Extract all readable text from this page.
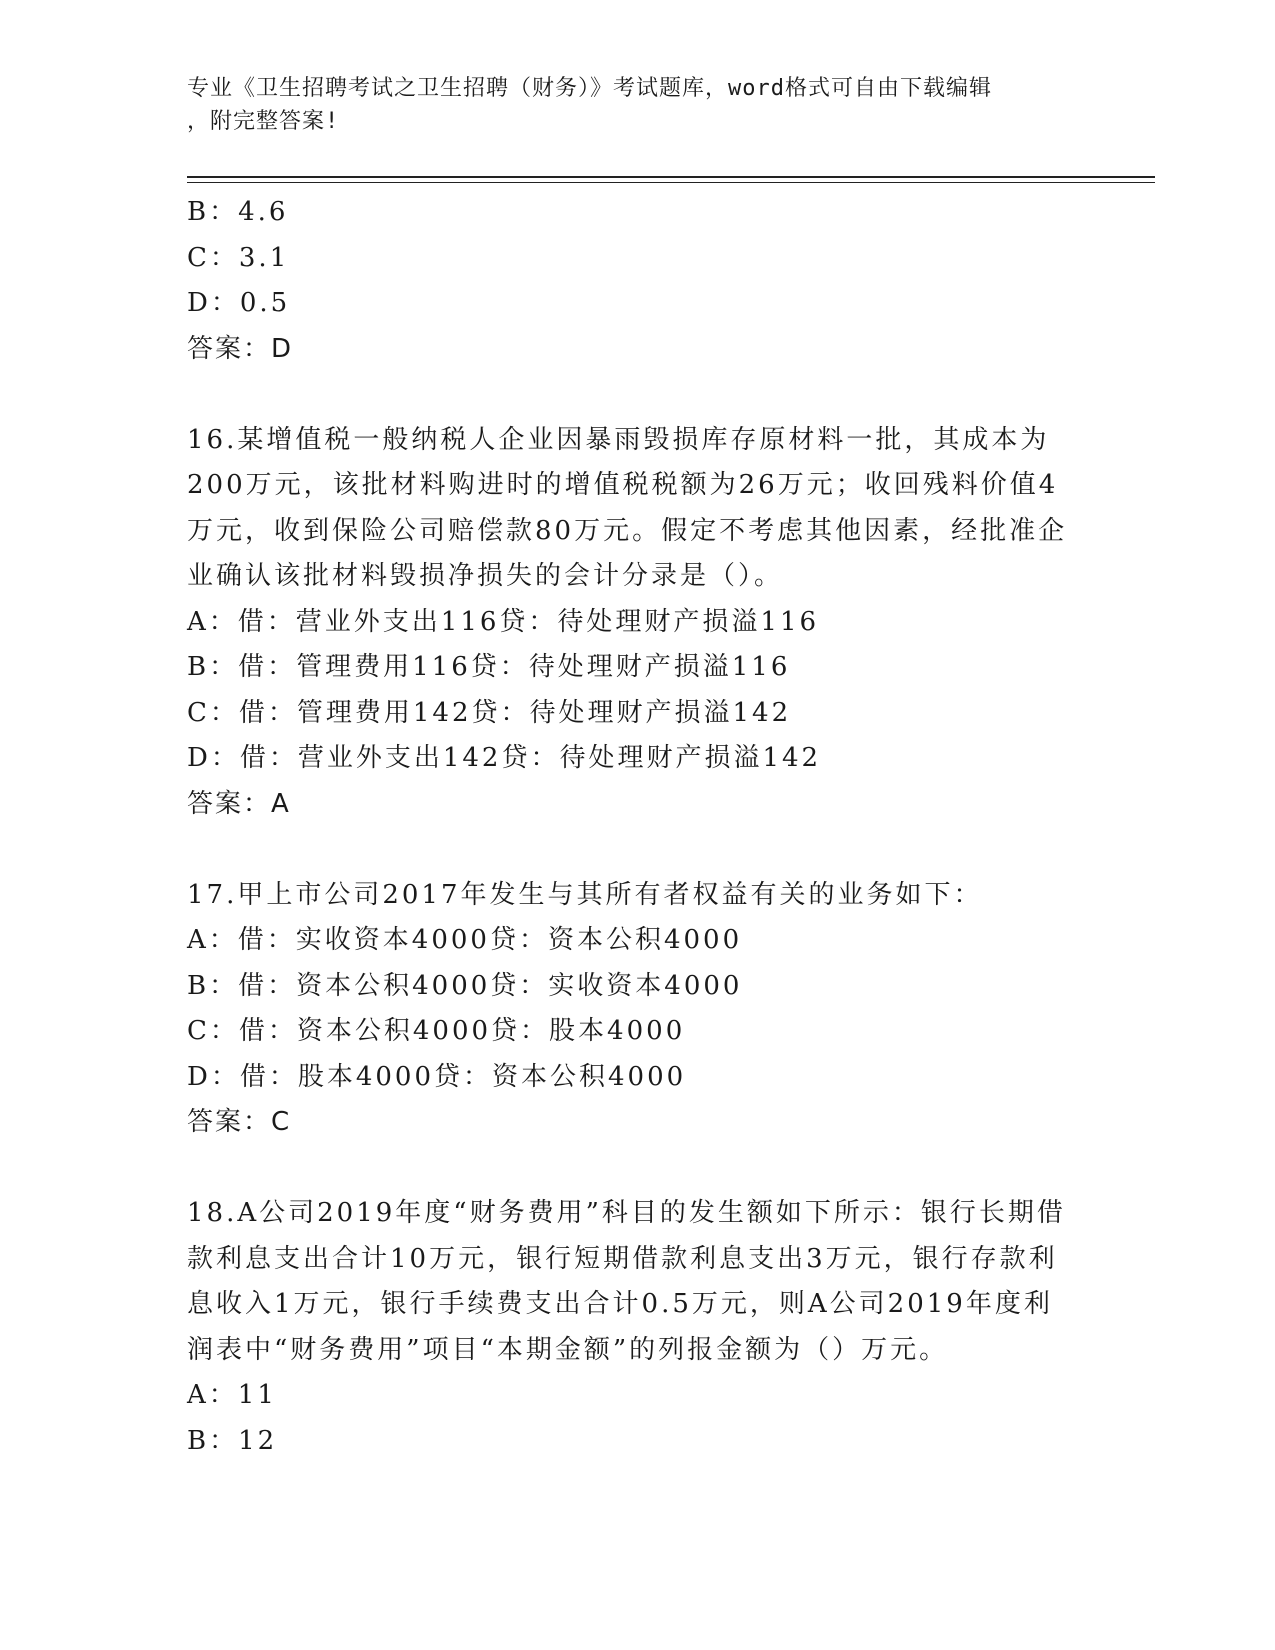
专业《卫生招聘考试之卫生招聘（财务）》考试题库，word格式可自由下载编辑
，附完整答案!
B：4.6
C：3.1
D：0.5
答案：D
16.某增值税一般纳税人企业因暴雨毁损库存原材料一批，其成本为
200万元，该批材料购进时的增值税税额为26万元；收回残料价值4
万元，收到保险公司赔偿款80万元。假定不考虑其他因素，经批准企
业确认该批材料毁损净损失的会计分录是（）。
A：借：营业外支出116贷：待处理财产损溢116
B：借：管理费用116贷：待处理财产损溢116
C：借：管理费用142贷：待处理财产损溢142
D：借：营业外支出142贷：待处理财产损溢142
答案：A
17.甲上市公司2017年发生与其所有者权益有关的业务如下：
A：借：实收资本4000贷：资本公积4000
B：借：资本公积4000贷：实收资本4000
C：借：资本公积4000贷：股本4000
D：借：股本4000贷：资本公积4000
答案：C
18.A公司2019年度“财务费用”科目的发生额如下所示：银行长期借
款利息支出合计10万元，银行短期借款利息支出3万元，银行存款利
息收入1万元，银行手续费支出合计0.5万元，则A公司2019年度利
润表中“财务费用”项目“本期金额”的列报金额为（）万元。
A：11
B：12
